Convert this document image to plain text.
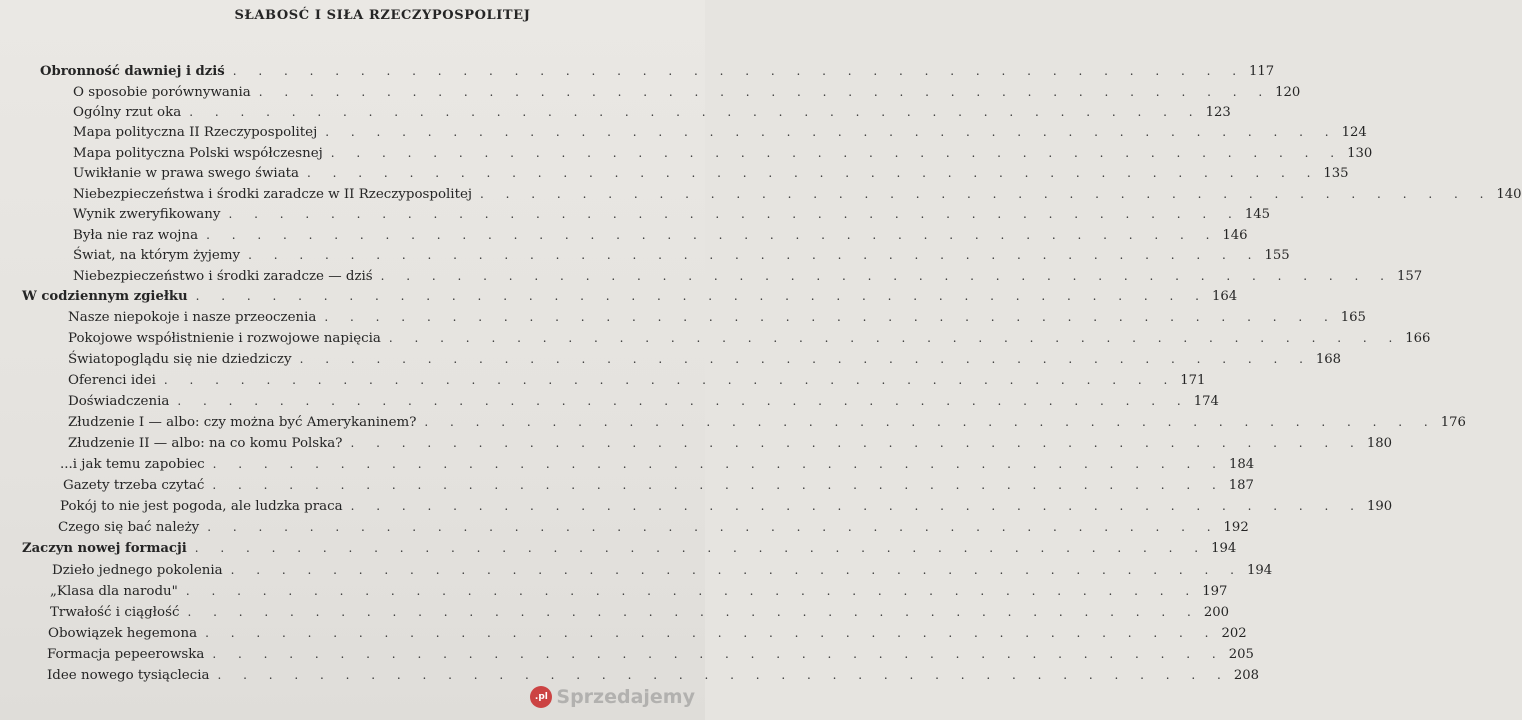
SŁABOSĆ I SIŁA RZECZYPOSPOLITEJ
Obronność dawniej i dziś . . . . . . . . . . . . . . . . . . . . . . . . . . . . . . . . . . . . . . . . 117
O sposobie porównywania . . . . . . . . . . . . . . . . . . . . . . . . . . . . . . . . . . . . . . . . 120
Ogólny rzut oka . . . . . . . . . . . . . . . . . . . . . . . . . . . . . . . . . . . . . . . . 123
Mapa polityczna II Rzeczypospolitej . . . . . . . . . . . . . . . . . . . . . . . . . . . . . . . . . . . . . . . . 124
Mapa polityczna Polski współczesnej . . . . . . . . . . . . . . . . . . . . . . . . . . . . . . . . . . . . . . . . 130
Uwikłanie w prawa swego świata . . . . . . . . . . . . . . . . . . . . . . . . . . . . . . . . . . . . . . . . 135
Niebezpieczeństwa i środki zaradcze w II Rzeczypospolitej . . . . . . . . . . . . . . . . . . . . . . . . . . . . . . . . . . . . . . . . 140
Wynik zweryfikowany . . . . . . . . . . . . . . . . . . . . . . . . . . . . . . . . . . . . . . . . 145
Była nie raz wojna . . . . . . . . . . . . . . . . . . . . . . . . . . . . . . . . . . . . . . . . 146
Świat, na którym żyjemy . . . . . . . . . . . . . . . . . . . . . . . . . . . . . . . . . . . . . . . . 155
Niebezpieczeństwo i środki zaradcze — dziś . . . . . . . . . . . . . . . . . . . . . . . . . . . . . . . . . . . . . . . . 157
W codziennym zgiełku . . . . . . . . . . . . . . . . . . . . . . . . . . . . . . . . . . . . . . . . 164
Nasze niepokoje i nasze przeoczenia . . . . . . . . . . . . . . . . . . . . . . . . . . . . . . . . . . . . . . . . 165
Pokojowe współistnienie i rozwojowe napięcia . . . . . . . . . . . . . . . . . . . . . . . . . . . . . . . . . . . . . . . . 166
Światopoglądu się nie dziedziczy . . . . . . . . . . . . . . . . . . . . . . . . . . . . . . . . . . . . . . . . 168
Oferenci idei . . . . . . . . . . . . . . . . . . . . . . . . . . . . . . . . . . . . . . . . 171
Doświadczenia . . . . . . . . . . . . . . . . . . . . . . . . . . . . . . . . . . . . . . . . 174
Złudzenie I — albo: czy można być Amerykaninem? . . . . . . . . . . . . . . . . . . . . . . . . . . . . . . . . . . . . . . . . 176
Złudzenie II — albo: na co komu Polska? . . . . . . . . . . . . . . . . . . . . . . . . . . . . . . . . . . . . . . . . 180
...i jak temu zapobiec . . . . . . . . . . . . . . . . . . . . . . . . . . . . . . . . . . . . . . . . 184
Gazety trzeba czytać . . . . . . . . . . . . . . . . . . . . . . . . . . . . . . . . . . . . . . . . 187
Pokój to nie jest pogoda, ale ludzka praca . . . . . . . . . . . . . . . . . . . . . . . . . . . . . . . . . . . . . . . . 190
Czego się bać należy . . . . . . . . . . . . . . . . . . . . . . . . . . . . . . . . . . . . . . . . 192
Zaczyn nowej formacji . . . . . . . . . . . . . . . . . . . . . . . . . . . . . . . . . . . . . . . . 194
Dzieło jednego pokolenia . . . . . . . . . . . . . . . . . . . . . . . . . . . . . . . . . . . . . . . . 194
„Klasa dla narodu" . . . . . . . . . . . . . . . . . . . . . . . . . . . . . . . . . . . . . . . . 197
Trwałość i ciągłość . . . . . . . . . . . . . . . . . . . . . . . . . . . . . . . . . . . . . . . . 200
Obowiązek hegemona . . . . . . . . . . . . . . . . . . . . . . . . . . . . . . . . . . . . . . . . 202
Formacja pepeerowska . . . . . . . . . . . . . . . . . . . . . . . . . . . . . . . . . . . . . . . . 205
Idee nowego tysiąclecia . . . . . . . . . . . . . . . . . . . . . . . . . . . . . . . . . . . . . . . . 208
.pl Sprzedajemy
